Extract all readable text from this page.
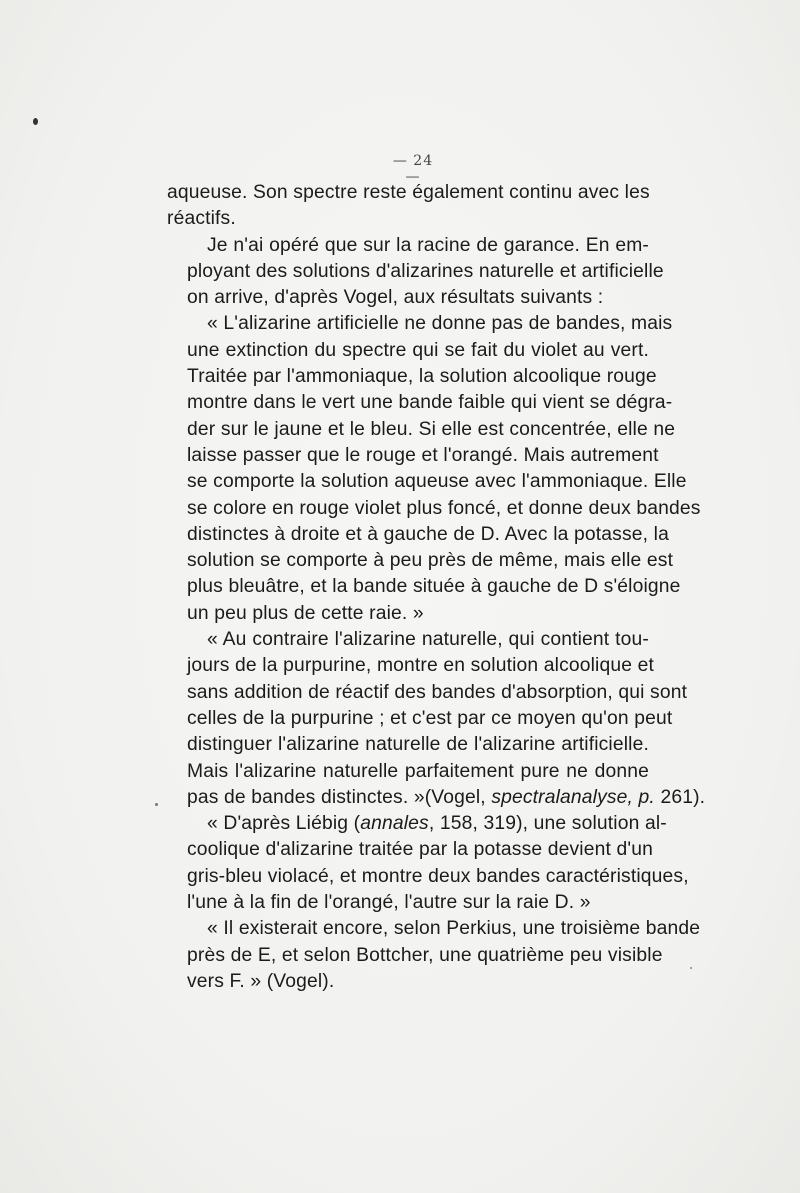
— 24 —

aqueuse. Son spectre reste également continu avec les
réactifs.

Je n'ai opéré que sur la racine de garance. En em-
ployant des solutions d'alizarines naturelle et artificielle
on arrive, d'après Vogel, aux résultats suivants :

« L'alizarine artificielle ne donne pas de bandes, mais
une extinction du spectre qui se fait du violet au vert.
Traitée par l'ammoniaque, la solution alcoolique rouge
montre dans le vert une bande faible qui vient se dégra-
der sur le jaune et le bleu. Si elle est concentrée, elle ne
laisse passer que le rouge et l'orangé. Mais autrement
se comporte la solution aqueuse avec l'ammoniaque. Elle
se colore en rouge violet plus foncé, et donne deux bandes
distinctes à droite et à gauche de D. Avec la potasse, la
solution se comporte à peu près de même, mais elle est
plus bleuâtre, et la bande située à gauche de D s'éloigne
un peu plus de cette raie. »

« Au contraire l'alizarine naturelle, qui contient tou-
jours de la purpurine, montre en solution alcoolique et
sans addition de réactif des bandes d'absorption, qui sont
celles de la purpurine ; et c'est par ce moyen qu'on peut
distinguer l'alizarine naturelle de l'alizarine artificielle.
Mais l'alizarine naturelle parfaitement pure ne donne
pas de bandes distinctes. »(Vogel, spectralanalyse, p. 261).

« D'après Liébig (annales, 158, 319), une solution al-
coolique d'alizarine traitée par la potasse devient d'un
gris-bleu violacé, et montre deux bandes caractéristiques,
l'une à la fin de l'orangé, l'autre sur la raie D. »

« Il existerait encore, selon Perkius, une troisième bande
près de E, et selon Bottcher, une quatrième peu visible
vers F. » (Vogel).
